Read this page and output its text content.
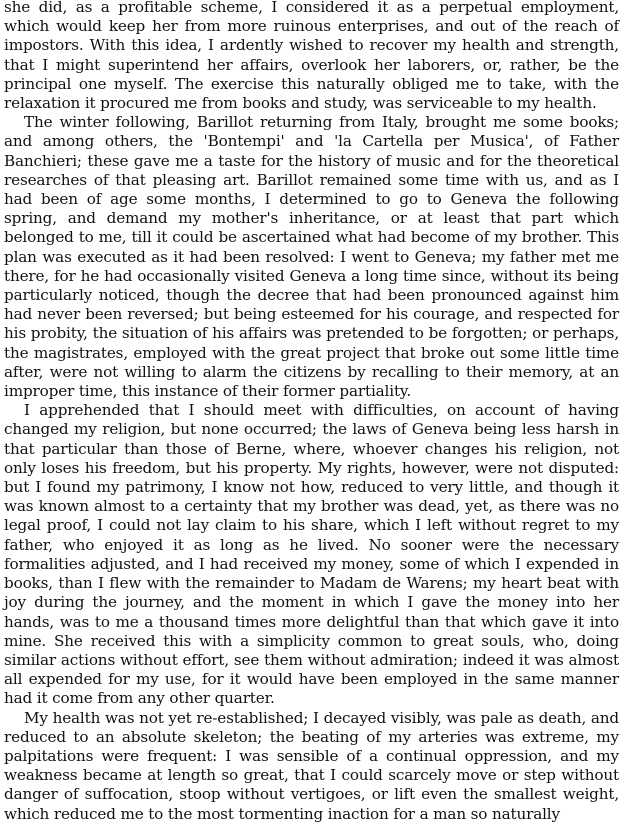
she did, as a profitable scheme, I considered it as a perpetual employment, which would keep her from more ruinous enterprises, and out of the reach of impostors. With this idea, I ardently wished to recover my health and strength, that I might superintend her affairs, overlook her laborers, or, rather, be the principal one myself. The exercise this naturally obliged me to take, with the relaxation it procured me from books and study, was serviceable to my health.

The winter following, Barillot returning from Italy, brought me some books; and among others, the 'Bontempi' and 'la Cartella per Musica', of Father Banchieri; these gave me a taste for the history of music and for the theoretical researches of that pleasing art. Barillot remained some time with us, and as I had been of age some months, I determined to go to Geneva the following spring, and demand my mother's inheritance, or at least that part which belonged to me, till it could be ascertained what had become of my brother. This plan was executed as it had been resolved: I went to Geneva; my father met me there, for he had occasionally visited Geneva a long time since, without its being particularly noticed, though the decree that had been pronounced against him had never been reversed; but being esteemed for his courage, and respected for his probity, the situation of his affairs was pretended to be forgotten; or perhaps, the magistrates, employed with the great project that broke out some little time after, were not willing to alarm the citizens by recalling to their memory, at an improper time, this instance of their former partiality.

I apprehended that I should meet with difficulties, on account of having changed my religion, but none occurred; the laws of Geneva being less harsh in that particular than those of Berne, where, whoever changes his religion, not only loses his freedom, but his property. My rights, however, were not disputed: but I found my patrimony, I know not how, reduced to very little, and though it was known almost to a certainty that my brother was dead, yet, as there was no legal proof, I could not lay claim to his share, which I left without regret to my father, who enjoyed it as long as he lived. No sooner were the necessary formalities adjusted, and I had received my money, some of which I expended in books, than I flew with the remainder to Madam de Warens; my heart beat with joy during the journey, and the moment in which I gave the money into her hands, was to me a thousand times more delightful than that which gave it into mine. She received this with a simplicity common to great souls, who, doing similar actions without effort, see them without admiration; indeed it was almost all expended for my use, for it would have been employed in the same manner had it come from any other quarter.

My health was not yet re-established; I decayed visibly, was pale as death, and reduced to an absolute skeleton; the beating of my arteries was extreme, my palpitations were frequent: I was sensible of a continual oppression, and my weakness became at length so great, that I could scarcely move or step without danger of suffocation, stoop without vertigoes, or lift even the smallest weight, which reduced me to the most tormenting inaction for a man so naturally
